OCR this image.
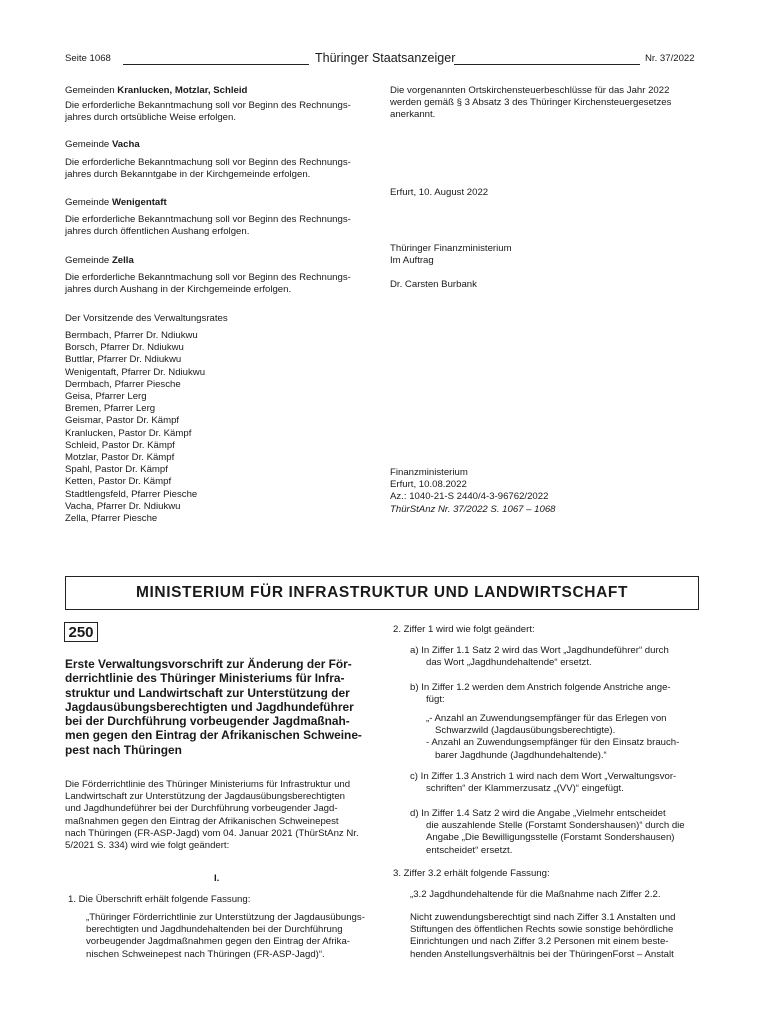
Seite 1068	Thüringer Staatsanzeiger	Nr. 37/2022
Gemeinden Kranlucken, Motzlar, Schleid
Die erforderliche Bekanntmachung soll vor Beginn des Rechnungs-
jahres durch ortsübliche Weise erfolgen.
Gemeinde Vacha
Die erforderliche Bekanntmachung soll vor Beginn des Rechnungs-
jahres durch Bekanntgabe in der Kirchgemeinde erfolgen.
Gemeinde Wenigentaft
Die erforderliche Bekanntmachung soll vor Beginn des Rechnungs-
jahres durch öffentlichen Aushang erfolgen.
Gemeinde Zella
Die erforderliche Bekanntmachung soll vor Beginn des Rechnungs-
jahres durch Aushang in der Kirchgemeinde erfolgen.
Der Vorsitzende des Verwaltungsrates
Bermbach, Pfarrer Dr. Ndiukwu
Borsch, Pfarrer Dr. Ndiukwu
Buttlar, Pfarrer Dr. Ndiukwu
Wenigentaft, Pfarrer Dr. Ndiukwu
Dermbach, Pfarrer Piesche
Geisa, Pfarrer Lerg
Bremen, Pfarrer Lerg
Geismar, Pastor Dr. Kämpf
Kranlucken, Pastor Dr. Kämpf
Schleid, Pastor Dr. Kämpf
Motzlar, Pastor Dr. Kämpf
Spahl, Pastor Dr. Kämpf
Ketten, Pastor Dr. Kämpf
Stadtlengsfeld, Pfarrer Piesche
Vacha, Pfarrer Dr. Ndiukwu
Zella, Pfarrer Piesche
Die vorgenannten Ortskirchensteuerbeschlüsse für das Jahr 2022
werden gemäß § 3 Absatz 3 des Thüringer Kirchensteuergesetzes
anerkannt.
Erfurt, 10. August 2022
Thüringer Finanzministerium
Im Auftrag
Dr. Carsten Burbank
Finanzministerium
Erfurt, 10.08.2022
Az.: 1040-21-S 2440/4-3-96762/2022
ThürStAnz Nr. 37/2022 S. 1067 – 1068
MINISTERIUM FÜR INFRASTRUKTUR UND LANDWIRTSCHAFT
250
Erste Verwaltungsvorschrift zur Änderung der För-
derrichtlinie des Thüringer Ministeriums für Infra-
struktur und Landwirtschaft zur Unterstützung der
Jagdausübungsberechtigten und Jagdhundeführer
bei der Durchführung vorbeugender Jagdmaßnah-
men gegen den Eintrag der Afrikanischen Schweine-
pest nach Thüringen
Die Förderrichtlinie des Thüringer Ministeriums für Infrastruktur und
Landwirtschaft zur Unterstützung der Jagdausübungsberechtigten
und Jagdhundeführer bei der Durchführung vorbeugender Jagd-
maßnahmen gegen den Eintrag der Afrikanischen Schweinepest
nach Thüringen (FR-ASP-Jagd) vom 04. Januar 2021 (ThürStAnz Nr.
5/2021 S. 334) wird wie folgt geändert:
I.
1. Die Überschrift erhält folgende Fassung:
„Thüringer Förderrichtlinie zur Unterstützung der Jagdausübungs-
berechtigten und Jagdhundehaltenden bei der Durchführung
vorbeugender Jagdmaßnahmen gegen den Eintrag der Afrika-
nischen Schweinepest nach Thüringen (FR-ASP-Jagd)“.
2. Ziffer 1 wird wie folgt geändert:
a) In Ziffer 1.1 Satz 2 wird das Wort „Jagdhundeführer“ durch
das Wort „Jagdhundehaltende“ ersetzt.
b) In Ziffer 1.2 werden dem Anstrich folgende Anstriche ange-
fügt:
„- Anzahl an Zuwendungsempfänger für das Erlegen von
Schwarzwild (Jagdausübungsberechtigte).
- Anzahl an Zuwendungsempfänger für den Einsatz brauch-
barer Jagdhunde (Jagdhundehaltende).“
c) In Ziffer 1.3 Anstrich 1 wird nach dem Wort „Verwaltungsvor-
schriften“ der Klammerzusatz „(VV)“ eingefügt.
d) In Ziffer 1.4 Satz 2 wird die Angabe „Vielmehr entscheidet
die auszahlende Stelle (Forstamt Sondershausen)“ durch die
Angabe „Die Bewilligungsstelle (Forstamt Sondershausen)
entscheidet“ ersetzt.
3. Ziffer 3.2 erhält folgende Fassung:
„3.2 Jagdhundehaltende für die Maßnahme nach Ziffer 2.2.
Nicht zuwendungsberechtigt sind nach Ziffer 3.1 Anstalten und
Stiftungen des öffentlichen Rechts sowie sonstige behördliche
Einrichtungen und nach Ziffer 3.2 Personen mit einem beste-
henden Anstellungsverhältnis bei der ThüringenForst – Anstalt
